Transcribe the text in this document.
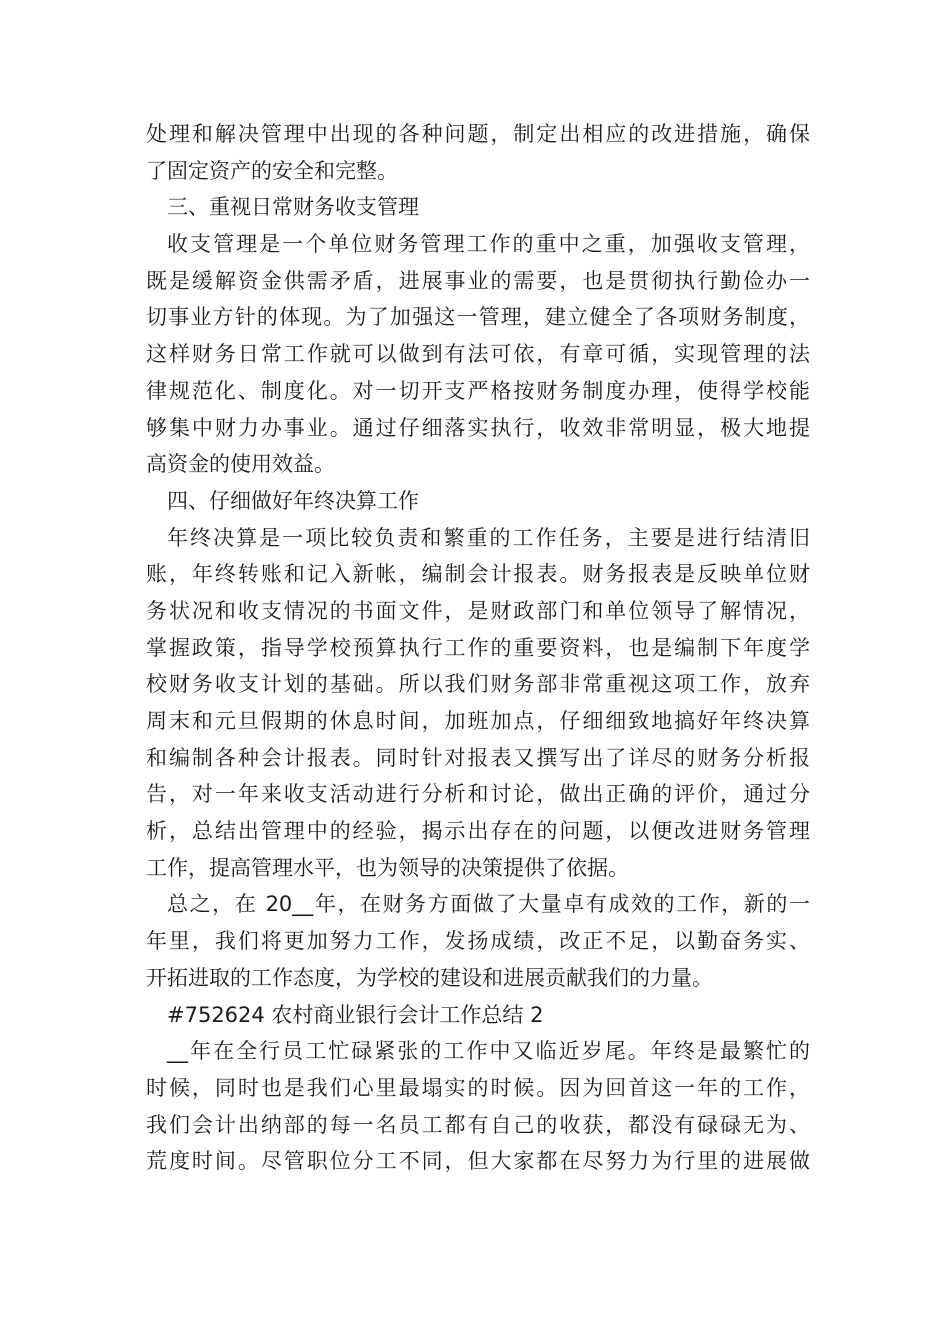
处理和解决管理中出现的各种问题，制定出相应的改进措施，确保
了固定资产的安全和完整。
三、重视日常财务收支管理
收支管理是一个单位财务管理工作的重中之重，加强收支管理，
既是缓解资金供需矛盾，进展事业的需要，也是贯彻执行勤俭办一
切事业方针的体现。为了加强这一管理，建立健全了各项财务制度，
这样财务日常工作就可以做到有法可依，有章可循，实现管理的法
律规范化、制度化。对一切开支严格按财务制度办理，使得学校能
够集中财力办事业。通过仔细落实执行，收效非常明显，极大地提
高资金的使用效益。
四、仔细做好年终决算工作
年终决算是一项比较负责和繁重的工作任务，主要是进行结清旧
账，年终转账和记入新帐，编制会计报表。财务报表是反映单位财
务状况和收支情况的书面文件，是财政部门和单位领导了解情况，
掌握政策，指导学校预算执行工作的重要资料，也是编制下年度学
校财务收支计划的基础。所以我们财务部非常重视这项工作，放弃
周末和元旦假期的休息时间，加班加点，仔细细致地搞好年终决算
和编制各种会计报表。同时针对报表又撰写出了详尽的财务分析报
告，对一年来收支活动进行分析和讨论，做出正确的评价，通过分
析，总结出管理中的经验，揭示出存在的问题，以便改进财务管理
工作，提高管理水平，也为领导的决策提供了依据。
总之，在 20__年，在财务方面做了大量卓有成效的工作，新的一
年里，我们将更加努力工作，发扬成绩，改正不足，以勤奋务实、
开拓进取的工作态度，为学校的建设和进展贡献我们的力量。
#752624 农村商业银行会计工作总结 2
__年在全行员工忙碌紧张的工作中又临近岁尾。年终是最繁忙的
时候，同时也是我们心里最塌实的时候。因为回首这一年的工作，
我们会计出纳部的每一名员工都有自己的收获，都没有碌碌无为、
荒度时间。尽管职位分工不同，但大家都在尽努力为行里的进展做
